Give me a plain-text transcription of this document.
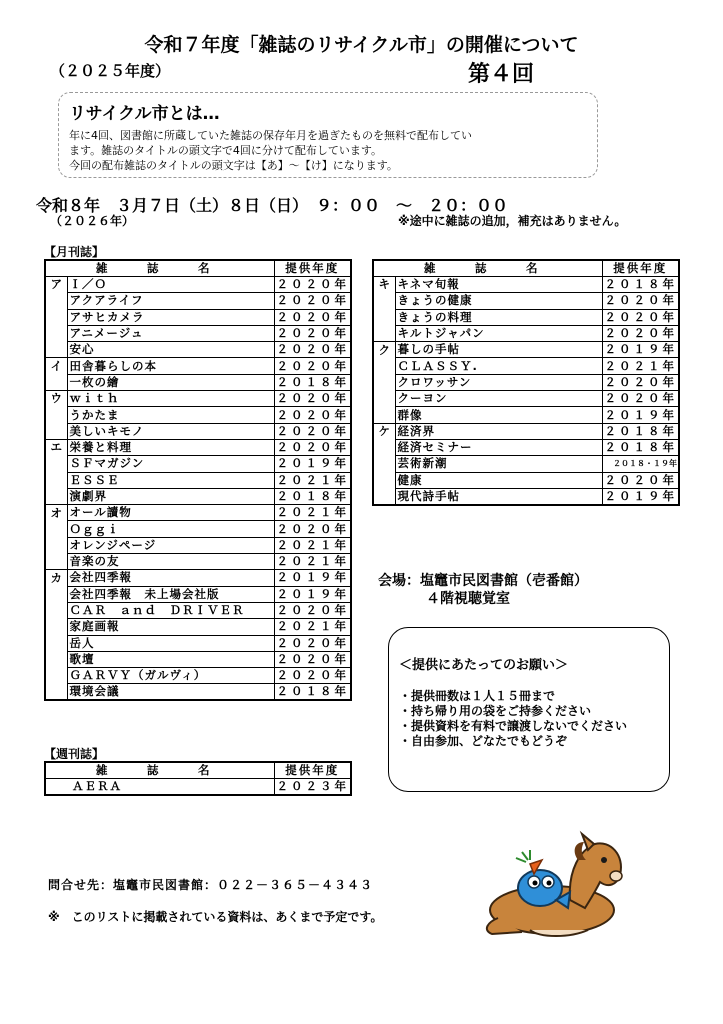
令和７年度「雑誌のリサイクル市」の開催について
（２０２５年度）	第４回
リサイクル市とは…

年に4回、図書館に所蔵していた雑誌の保存年月を過ぎたものを無料で配布してい

ます。雑誌のタイトルの頭文字で4回に分けて配布しています。

今回の配布雑誌のタイトルの頭文字は【あ】～【け】になります。

令和８年　３月７日（土）８日（日）　９：００　～　２０：００
（２０２６年）	※途中に雑誌の追加，補充はありません。
【月刊誌】
雑　誌　名		提供年度
ア	Ｉ／Ｏ	２０２０年
	アクアライフ	２０２０年
	アサヒカメラ	２０２０年
	アニメージュ	２０２０年
	安心	２０２０年
イ	田舎暮らしの本	２０２０年
	一枚の繪	２０１８年
ウ	ｗｉｔｈ	２０２０年
	うかたま	２０２０年
	美しいキモノ	２０２０年
エ	栄養と料理	２０２０年
	ＳＦマガジン	２０１９年
	ＥＳＳＥ	２０２１年
	演劇界	２０１８年
オ	オール讀物	２０２１年
	Ｏｇｇｉ	２０２０年
	オレンジページ	２０２１年
	音楽の友	２０２１年
カ	会社四季報	２０１９年
	会社四季報　未上場会社版	２０１９年
	ＣＡＲ　ａｎｄ　ＤＲＩＶＥＲ	２０２０年
	家庭画報	２０２１年
	岳人	２０２０年
	歌壇	２０２０年
	ＧＡＲＶＹ（ガルヴィ）	２０２０年
	環境会議	２０１８年
雑　誌　名		提供年度
キ	キネマ旬報	２０１８年
	きょうの健康	２０２０年
	きょうの料理	２０２０年
	キルトジャパン	２０２０年
ク	暮しの手帖	２０１９年
	ＣＬＡＳＳＹ.	２０２１年
	クロワッサン	２０２０年
	クーヨン	２０２０年
	群像	２０１９年
ケ	経済界	２０１８年
	経済セミナー	２０１８年
	芸術新潮	２０１８・１９年
	健康	２０２０年
	現代詩手帖	２０１９年
【週刊誌】
雑　誌　名	提供年度
ＡＥＲＡ	２０２３年
会場：塩竈市民図書館（壱番館）
４階視聴覚室
＜提供にあたってのお願い＞
・提供冊数は１人１５冊まで
・持ち帰り用の袋をご持参ください
・提供資料を有料で譲渡しないでください
・自由参加、どなたでもどうぞ
問合せ先：塩竈市民図書館：０２２－３６５－４３４３
※　このリストに掲載されている資料は、あくまで予定です。
